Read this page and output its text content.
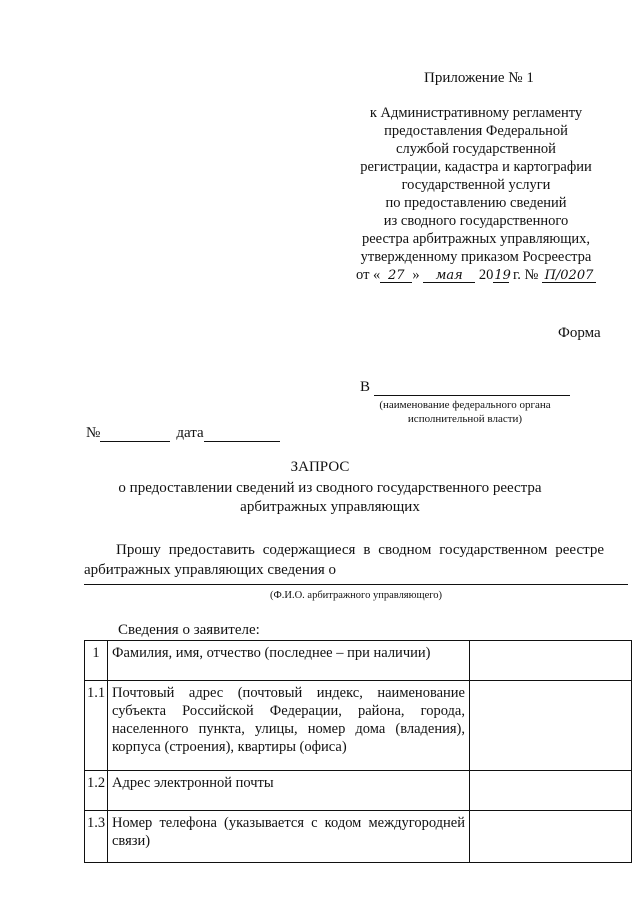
Приложение № 1
к Административному регламенту
предоставления Федеральной
службой государственной
регистрации, кадастра и картографии
государственной услуги
по предоставлению сведений
из сводного государственного
реестра арбитражных управляющих,
утвержденному приказом Росреестра
от « 27 » мая 2019 г. № П/0207
Форма
В
(наименование федерального органа
исполнительной власти)
№	дата
ЗАПРОС
о предоставлении сведений из сводного государственного реестра арбитражных управляющих
Прошу предоставить содержащиеся в сводном государственном реестре
арбитражных управляющих сведения о
(Ф.И.О. арбитражного управляющего)
Сведения о заявителе:
1	Фамилия, имя, отчество (последнее – при наличии)	
1.1	Почтовый адрес (почтовый индекс, наименование субъекта Российской Федерации, района, города, населенного пункта, улицы, номер дома (владения), корпуса (строения), квартиры (офиса)	
1.2	Адрес электронной почты	
1.3	Номер телефона (указывается с кодом междугородней связи)	
